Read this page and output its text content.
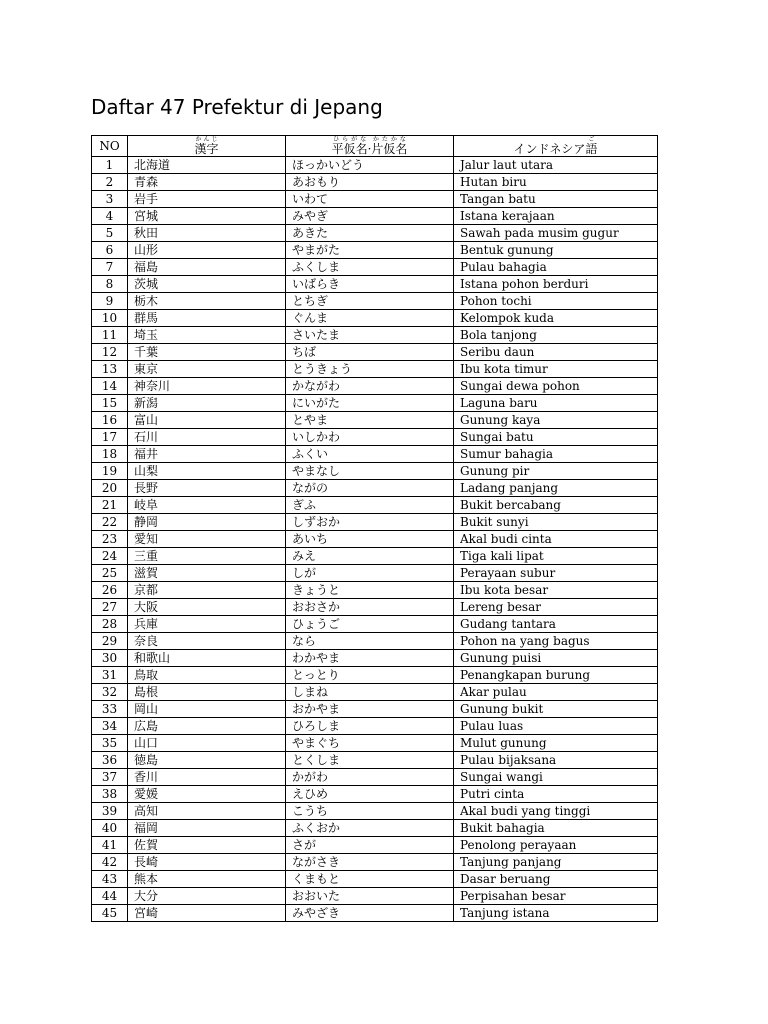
Daftar 47 Prefektur di Jepang
NO	漢字かんじ	平仮名ひらがな·片仮名かたかな	インドネシア語ご
1	北海道	ほっかいどう	Jalur laut utara
2	青森	あおもり	Hutan biru
3	岩手	いわて	Tangan batu
4	宮城	みやぎ	Istana kerajaan
5	秋田	あきた	Sawah pada musim gugur
6	山形	やまがた	Bentuk gunung
7	福島	ふくしま	Pulau bahagia
8	茨城	いばらき	Istana pohon berduri
9	栃木	とちぎ	Pohon tochi
10	群馬	ぐんま	Kelompok kuda
11	埼玉	さいたま	Bola tanjong
12	千葉	ちば	Seribu daun
13	東京	とうきょう	Ibu kota timur
14	神奈川	かながわ	Sungai dewa pohon
15	新潟	にいがた	Laguna baru
16	富山	とやま	Gunung kaya
17	石川	いしかわ	Sungai batu
18	福井	ふくい	Sumur bahagia
19	山梨	やまなし	Gunung pir
20	長野	ながの	Ladang panjang
21	岐阜	ぎふ	Bukit bercabang
22	静岡	しずおか	Bukit sunyi
23	愛知	あいち	Akal budi cinta
24	三重	みえ	Tiga kali lipat
25	滋賀	しが	Perayaan subur
26	京都	きょうと	Ibu kota besar
27	大阪	おおさか	Lereng besar
28	兵庫	ひょうご	Gudang tantara
29	奈良	なら	Pohon na yang bagus
30	和歌山	わかやま	Gunung puisi
31	鳥取	とっとり	Penangkapan burung
32	島根	しまね	Akar pulau
33	岡山	おかやま	Gunung bukit
34	広島	ひろしま	Pulau luas
35	山口	やまぐち	Mulut gunung
36	徳島	とくしま	Pulau bijaksana
37	香川	かがわ	Sungai wangi
38	愛媛	えひめ	Putri cinta
39	高知	こうち	Akal budi yang tinggi
40	福岡	ふくおか	Bukit bahagia
41	佐賀	さが	Penolong perayaan
42	長崎	ながさき	Tanjung panjang
43	熊本	くまもと	Dasar beruang
44	大分	おおいた	Perpisahan besar
45	宮崎	みやざき	Tanjung istana
